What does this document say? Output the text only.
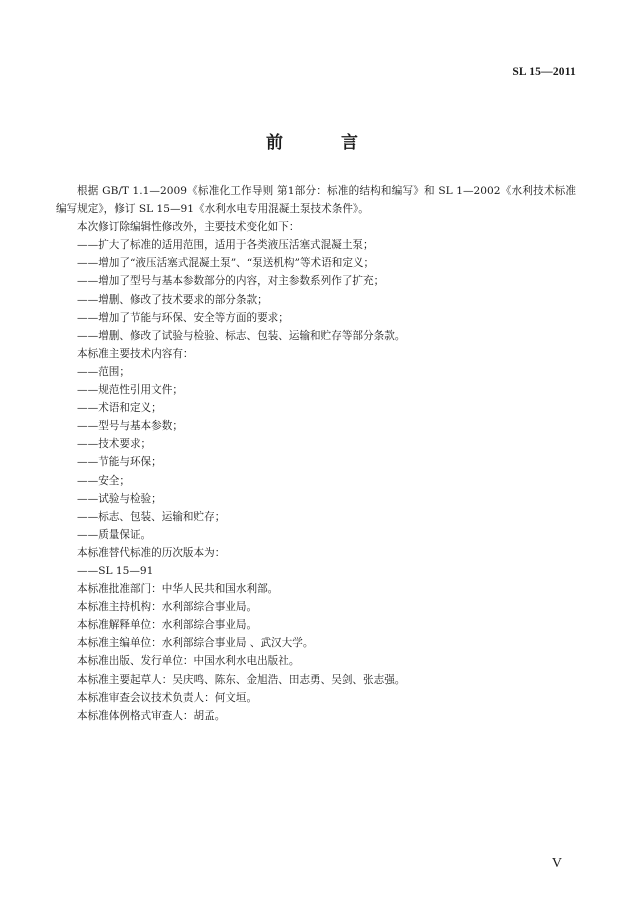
SL 15—2011
前 言

根据 GB/T 1.1—2009《标准化工作导则 第1部分：标准的结构和编写》和 SL 1—2002《水利技术标准编写规定》，修订 SL 15—91《水利水电专用混凝土泵技术条件》。

本次修订除编辑性修改外，主要技术变化如下：

——扩大了标准的适用范围，适用于各类液压活塞式混凝土泵；
——增加了“液压活塞式混凝土泵”、“泵送机构”等术语和定义；
——增加了型号与基本参数部分的内容，对主参数系列作了扩充；
——增删、修改了技术要求的部分条款；
——增加了节能与环保、安全等方面的要求；
——增删、修改了试验与检验、标志、包装、运输和贮存等部分条款。

本标准主要技术内容有：

——范围；
——规范性引用文件；
——术语和定义；
——型号与基本参数；
——技术要求；
——节能与环保；
——安全；
——试验与检验；
——标志、包装、运输和贮存；
——质量保证。

本标准替代标准的历次版本为：

——SL 15—91

本标准批准部门：中华人民共和国水利部。

本标准主持机构：水利部综合事业局。

本标准解释单位：水利部综合事业局。

本标准主编单位：水利部综合事业局 、武汉大学。

本标准出版、发行单位：中国水利水电出版社。

本标准主要起草人：吴庆鸣、陈东、金旭浩、田志勇、吴剑、张志强。

本标准审查会议技术负责人：何文垣。

本标准体例格式审查人：胡孟。

V
